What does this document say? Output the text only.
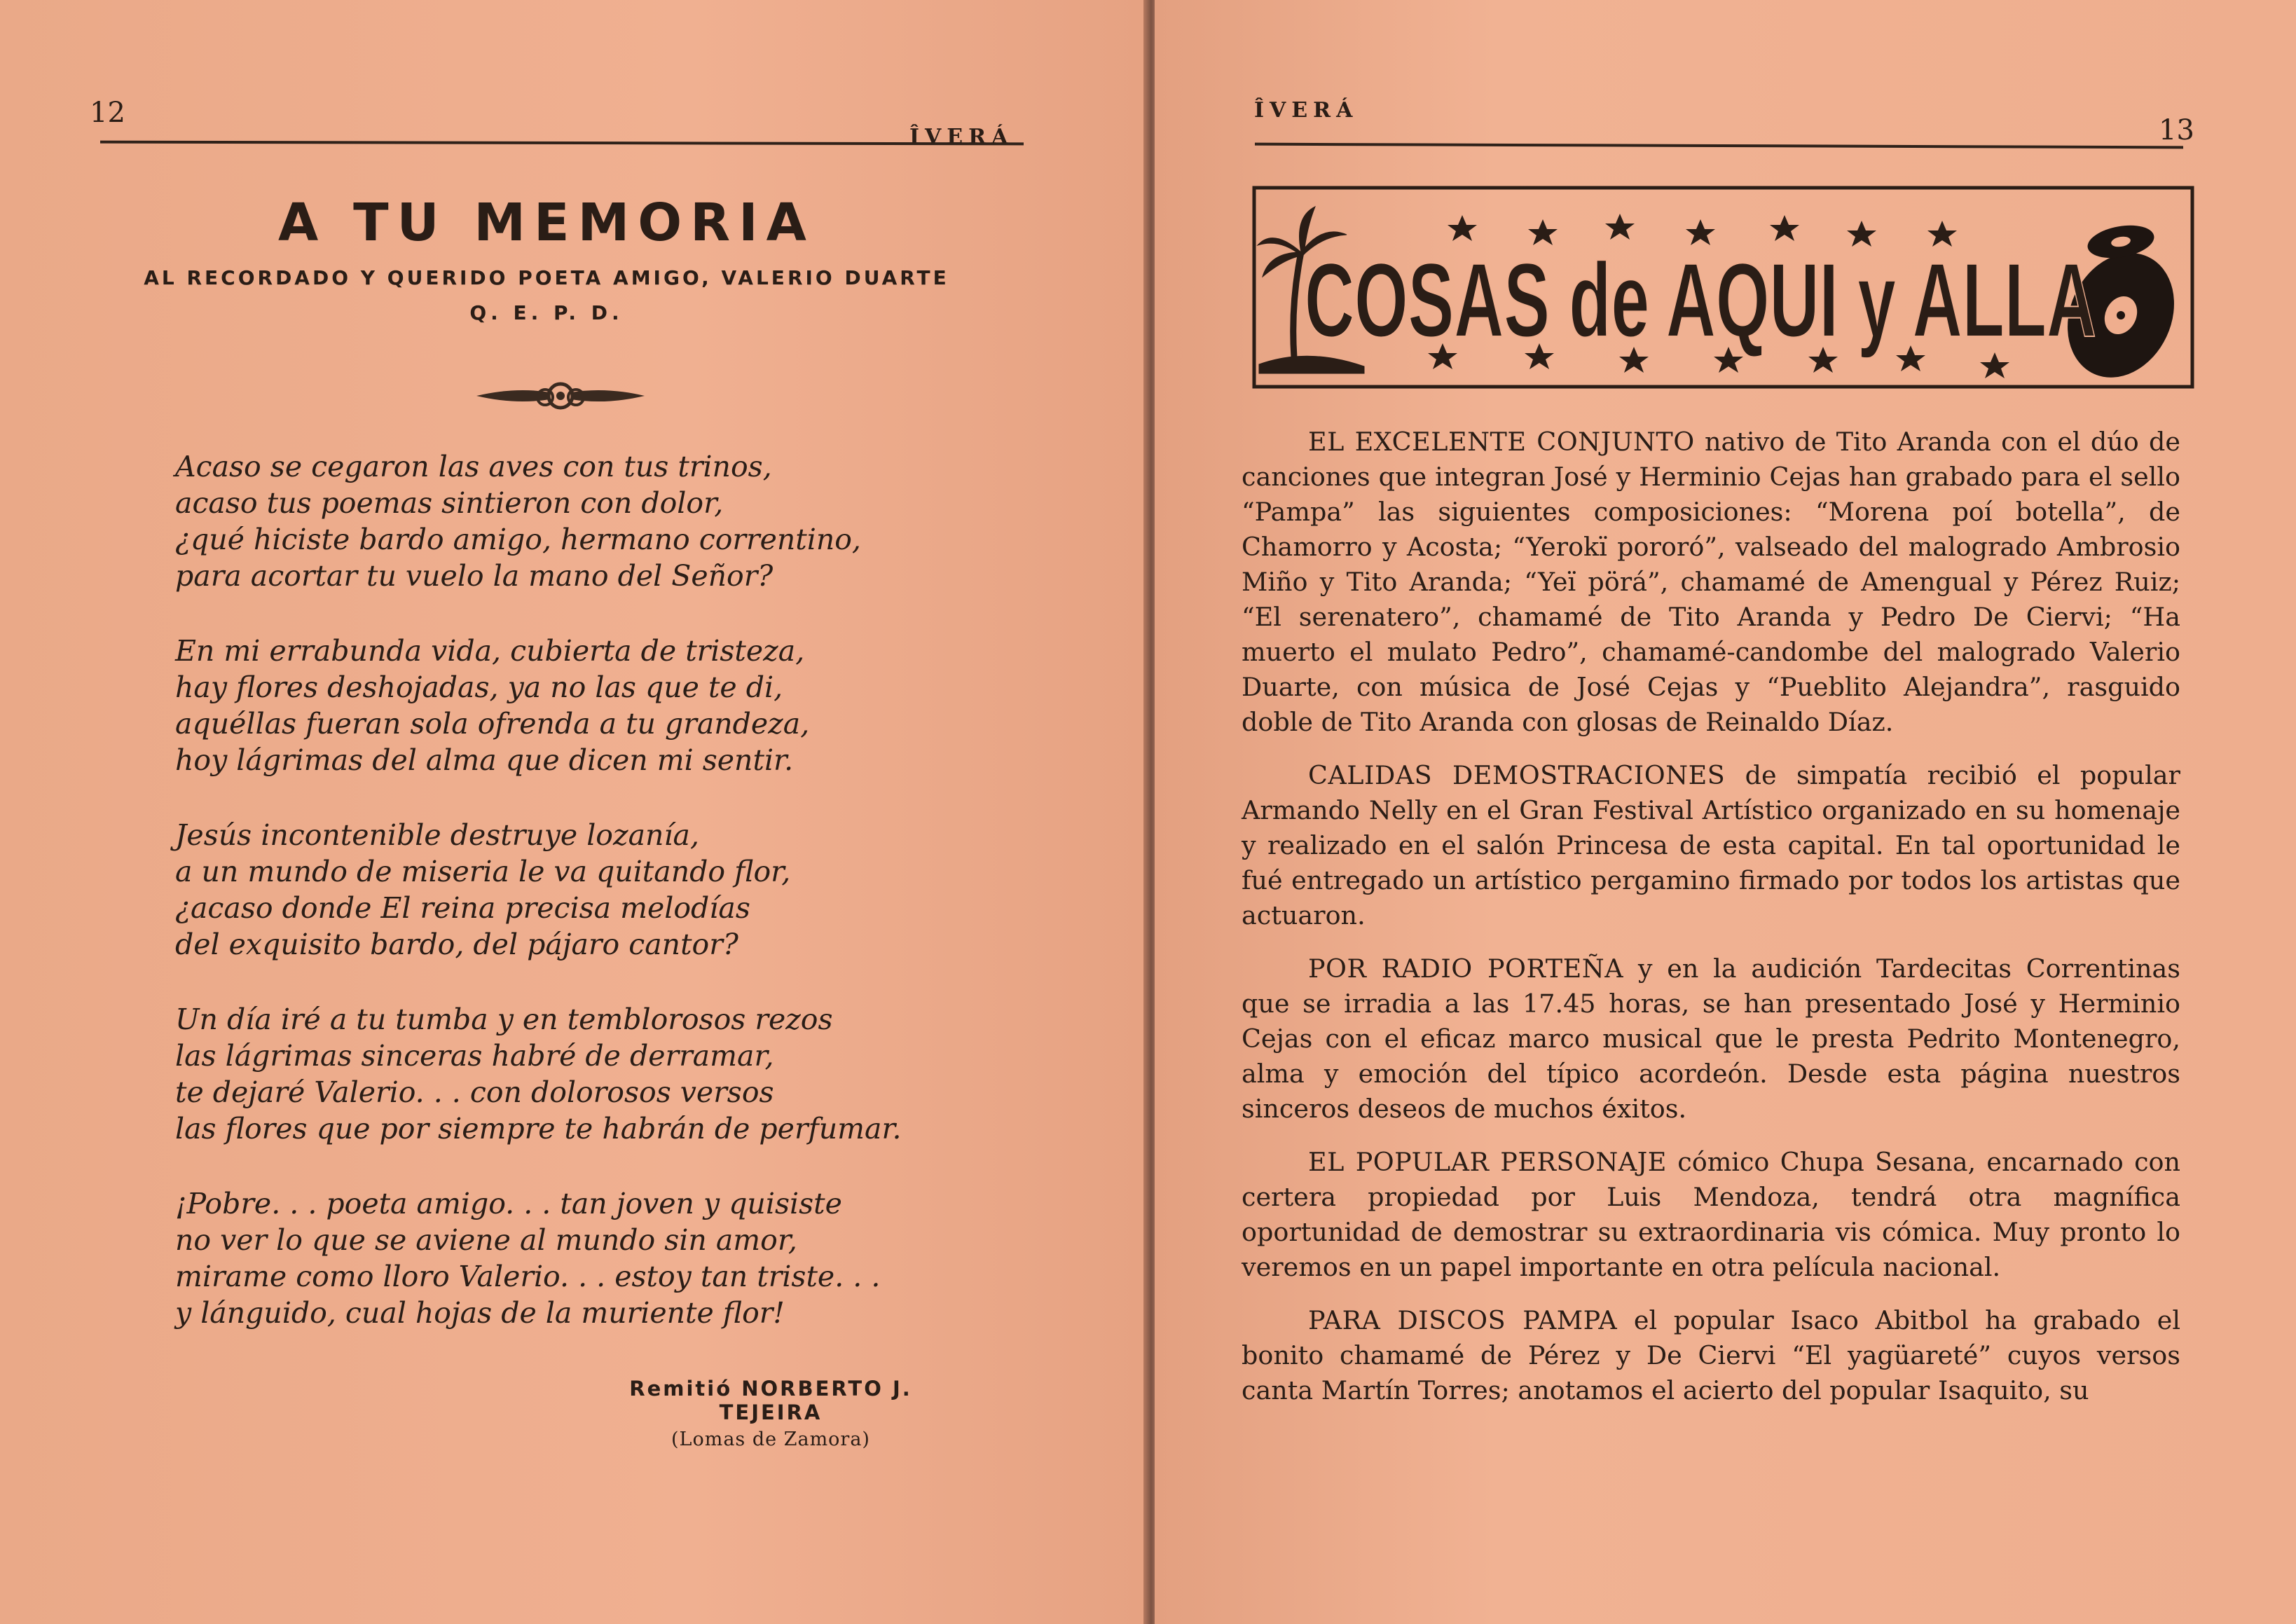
12
ÎVERÁ
A TU MEMORIA
AL RECORDADO Y QUERIDO POETA AMIGO, VALERIO DUARTE
Q. E. P. D.
Acaso se cegaron las aves con tus trinos,
acaso tus poemas sintieron con dolor,
¿qué hiciste bardo amigo, hermano correntino,
para acortar tu vuelo la mano del Señor?
En mi errabunda vida, cubierta de tristeza,
hay flores deshojadas, ya no las que te di,
aquéllas fueran sola ofrenda a tu grandeza,
hoy lágrimas del alma que dicen mi sentir.
Jesús incontenible destruye lozanía,
a un mundo de miseria le va quitando flor,
¿acaso donde El reina precisa melodías
del exquisito bardo, del pájaro cantor?
Un día iré a tu tumba y en temblorosos rezos
las lágrimas sinceras habré de derramar,
te dejaré Valerio. . . con dolorosos versos
las flores que por siempre te habrán de perfumar.
¡Pobre. . . poeta amigo. . . tan joven y quisiste
no ver lo que se aviene al mundo sin amor,
mirame como lloro Valerio. . . estoy tan triste. . .
y lánguido, cual hojas de la muriente flor!
Remitió NORBERTO J. TEJEIRA
(Lomas de Zamora)
ÎVERÁ
13
COSAS de AQUI y ALLA

EL EXCELENTE CONJUNTO nativo de Tito Aranda con el dúo de canciones que integran José y Herminio Cejas han grabado para el sello “Pampa” las siguientes composiciones: “Morena poí botella”, de Chamorro y Acosta; “Yerokï pororó”, valseado del malogrado Ambrosio Miño y Tito Aranda; “Yeï pörá”, chamamé de Amengual y Pérez Ruiz; “El serenatero”, chamamé de Tito Aranda y Pedro De Ciervi; “Ha muerto el mulato Pedro”, chamamé-candombe del malogrado Valerio Duarte, con música de José Cejas y “Pueblito Alejandra”, rasguido doble de Tito Aranda con glosas de Reinaldo Díaz.

CALIDAS DEMOSTRACIONES de simpatía recibió el popular Armando Nelly en el Gran Festival Artístico organizado en su homenaje y realizado en el salón Princesa de esta capital. En tal oportunidad le fué entregado un artístico pergamino firmado por todos los artistas que actuaron.

POR RADIO PORTEÑA y en la audición Tardecitas Correntinas que se irradia a las 17.45 horas, se han presentado José y Herminio Cejas con el eficaz marco musical que le presta Pedrito Montenegro, alma y emoción del típico acordeón. Desde esta página nuestros sinceros deseos de muchos éxitos.

EL POPULAR PERSONAJE cómico Chupa Sesana, encarnado con certera propiedad por Luis Mendoza, tendrá otra magnífica oportunidad de demostrar su extraordinaria vis cómica. Muy pronto lo veremos en un papel importante en otra película nacional.

PARA DISCOS PAMPA el popular Isaco Abitbol ha grabado el bonito chamamé de Pérez y De Ciervi “El yagüareté” cuyos versos canta Martín Torres; anotamos el acierto del popular Isaquito, su
